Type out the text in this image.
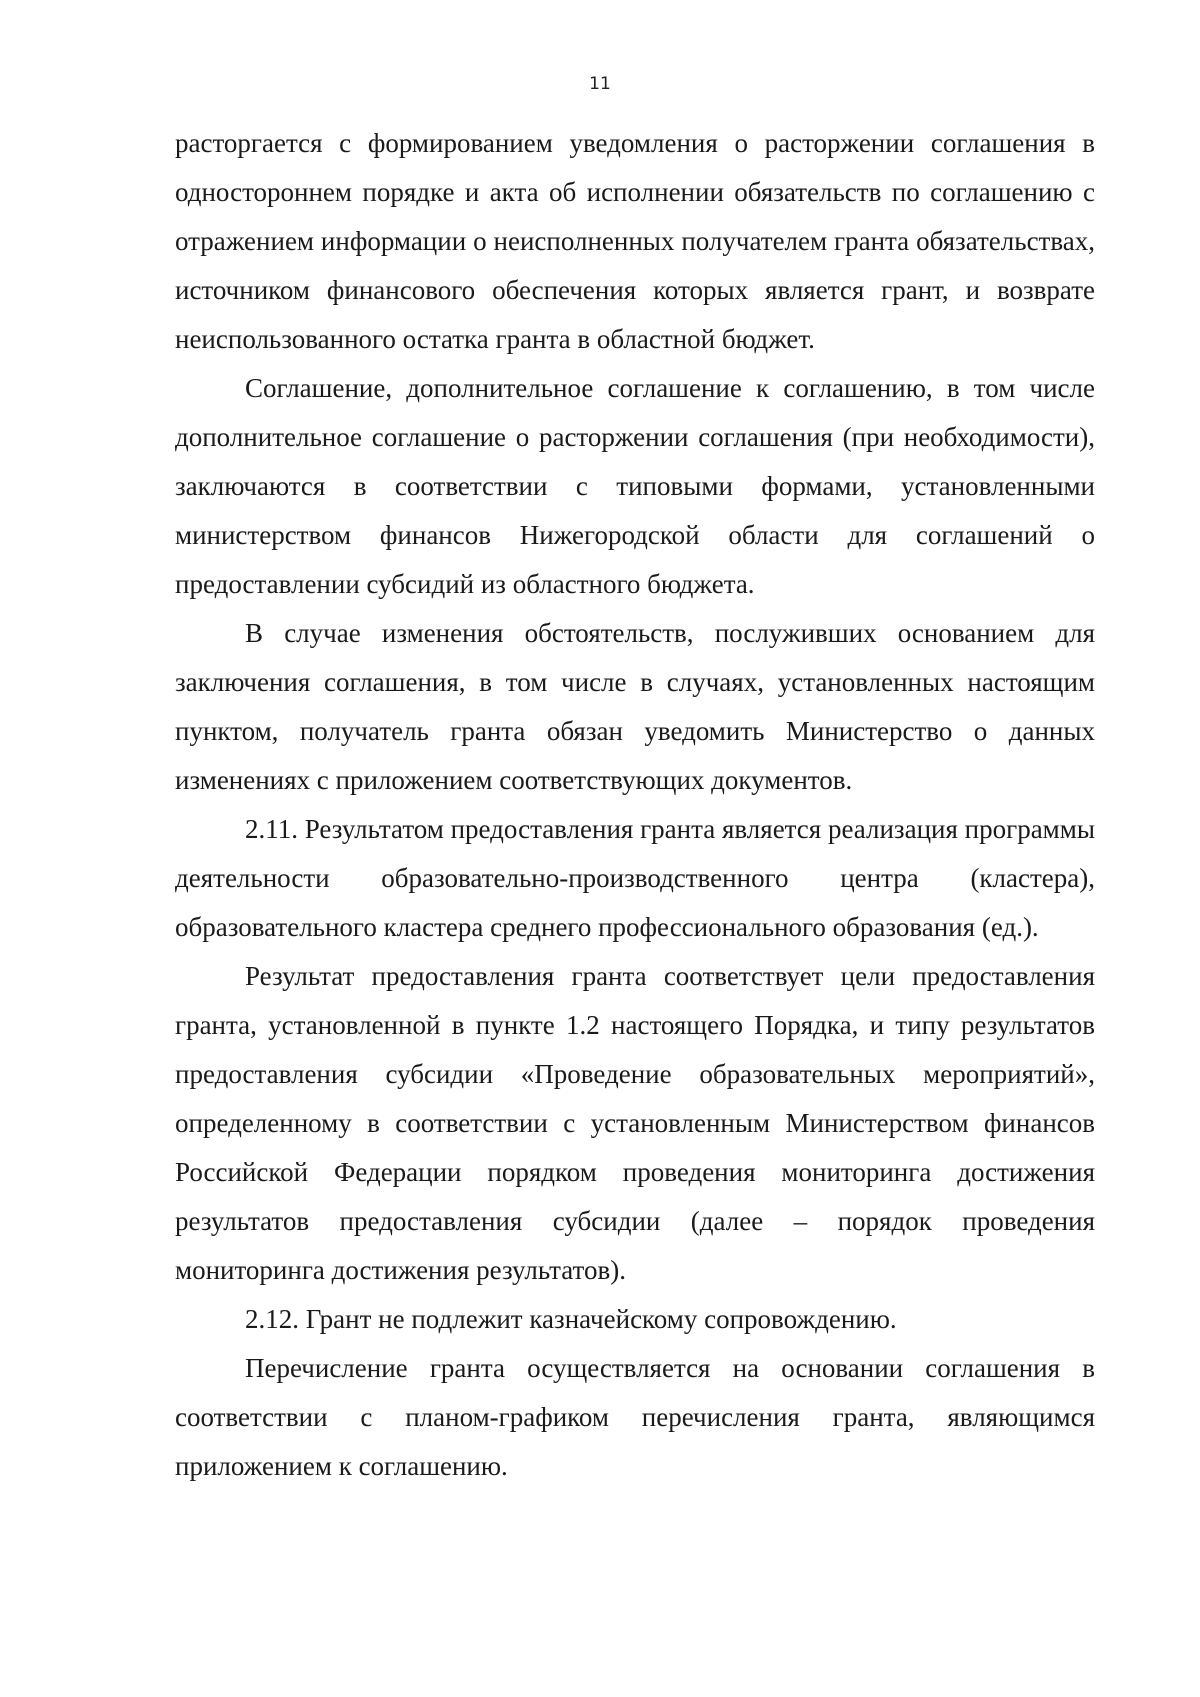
11

расторгается с формированием уведомления о расторжении соглашения в одностороннем порядке и акта об исполнении обязательств по соглашению с отражением информации о неисполненных получателем гранта обязательствах, источником финансового обеспечения которых является грант, и возврате неиспользованного остатка гранта в областной бюджет.

Соглашение, дополнительное соглашение к соглашению, в том числе дополнительное соглашение о расторжении соглашения (при необходимости), заключаются в соответствии с типовыми формами, установленными министерством финансов Нижегородской области для соглашений о предоставлении субсидий из областного бюджета.

В случае изменения обстоятельств, послуживших основанием для заключения соглашения, в том числе в случаях, установленных настоящим пунктом, получатель гранта обязан уведомить Министерство о данных изменениях с приложением соответствующих документов.

2.11. Результатом предоставления гранта является реализация программы деятельности образовательно-производственного центра (кластера), образовательного кластера среднего профессионального образования (ед.).

Результат предоставления гранта соответствует цели предоставления гранта, установленной в пункте 1.2 настоящего Порядка, и типу результатов предоставления субсидии «Проведение образовательных мероприятий», определенному в соответствии с установленным Министерством финансов Российской Федерации порядком проведения мониторинга достижения результатов предоставления субсидии (далее – порядок проведения мониторинга достижения результатов).

2.12. Грант не подлежит казначейскому сопровождению.

Перечисление гранта осуществляется на основании соглашения в соответствии с планом-графиком перечисления гранта, являющимся приложением к соглашению.
